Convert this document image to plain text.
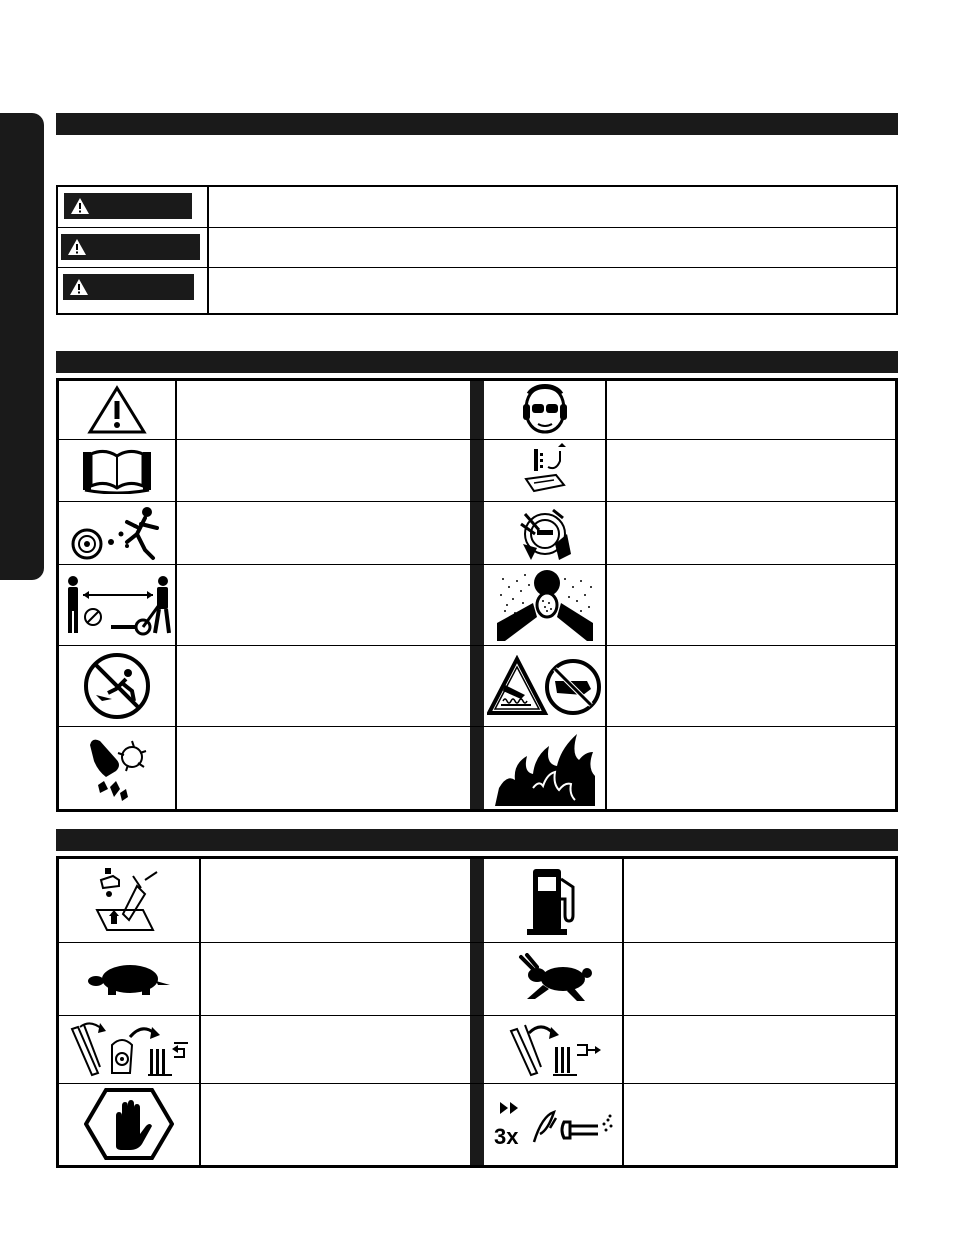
3x
